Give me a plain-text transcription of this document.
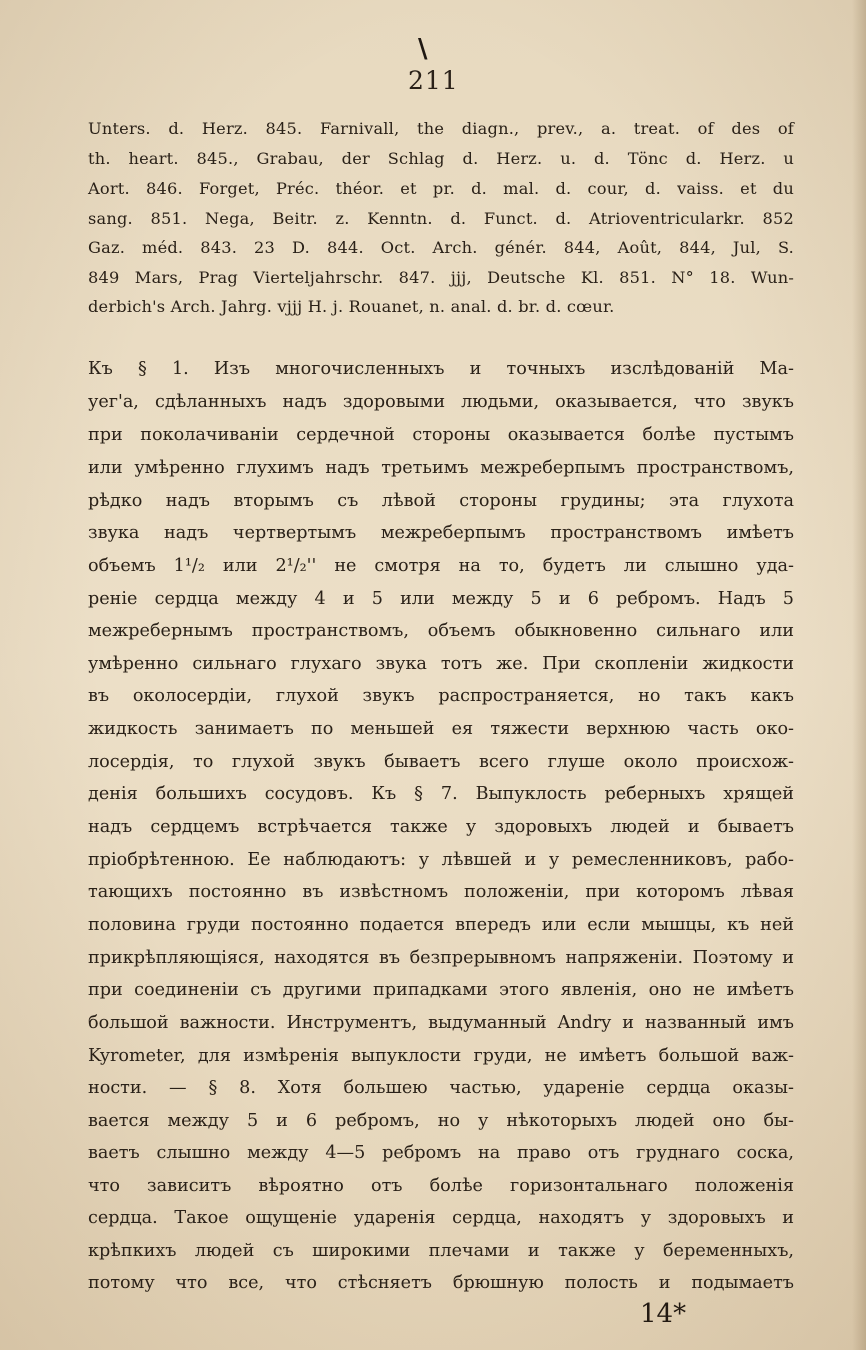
\
211
Unters. d. Herz. 845. Farnivall, the diagn., prev., a. treat. of des of
th. heart. 845., Grabau, der Schlag d. Herz. u. d. Tönc d. Herz. u
Aort. 846. Forget, Préc. théor. et pr. d. mal. d. cour, d. vaiss. et du
sang. 851. Nega, Beitr. z. Kenntn. d. Funct. d. Atrioventricularkr. 852
Gaz. méd. 843. 23 D. 844. Oct. Arch. génér. 844, Août, 844, Jul, S.
849 Mars, Prag Vierteljahrschr. 847. jjj, Deutsche Kl. 851. N° 18. Wun-
derbich's Arch. Jahrg. vjjj H. j. Rouanet, n. anal. d. br. d. cœur.
Къ § 1. Изъ многочисленныхъ и точныхъ изслѣдованій Ма-
уег'а, сдѣланныхъ надъ здоровыми людьми, оказывается, что звукъ
при поколачиваніи сердечной стороны оказывается болѣе пустымъ
или умѣренно глухимъ надъ третьимъ межреберпымъ пространствомъ,
рѣдко надъ вторымъ съ лѣвой стороны грудины; эта глухота
звука надъ чертвертымъ межреберпымъ пространствомъ имѣетъ
объемъ 1¹/₂ или 2¹/₂'' не смотря на то, будетъ ли слышно уда-
реніе сердца между 4 и 5 или между 5 и 6 ребромъ. Надъ 5
межребернымъ пространствомъ, объемъ обыкновенно сильнаго или
умѣренно сильнаго глухаго звука тотъ же. При скопленіи жидкости
въ околосердіи, глухой звукъ распространяется, но такъ какъ
жидкость занимаетъ по меньшей ея тяжести верхнюю часть око-
лосердія, то глухой звукъ бываетъ всего глуше около происхож-
денія большихъ сосудовъ. Къ § 7. Выпуклость реберныхъ хрящей
надъ сердцемъ встрѣчается также у здоровыхъ людей и бываетъ
пріобрѣтенною. Ее наблюдаютъ: у лѣвшей и у ремесленниковъ, рабо-
тающихъ постоянно въ извѣстномъ положеніи, при которомъ лѣвая
половина груди постоянно подается впередъ или если мышцы, къ ней
прикрѣпляющіяся, находятся въ безпрерывномъ напряженіи. Поэтому и
при соединеніи съ другими припадками этого явленія, оно не имѣетъ
большой важности. Инструментъ, выдуманный Andry и названный имъ
Kyrometer, для измѣренія выпуклости груди, не имѣетъ большой важ-
ности. — § 8. Хотя большею частью, удареніе сердца оказы-
вается между 5 и 6 ребромъ, но у нѣкоторыхъ людей оно бы-
ваетъ слышно между 4—5 ребромъ на право отъ груднаго соска,
что зависитъ вѣроятно отъ болѣе горизонтальнаго положенія
сердца. Такое ощущеніе ударенія сердца, находятъ у здоровыхъ и
крѣпкихъ людей съ широкими плечами и также у беременныхъ,
потому что все, что стѣсняетъ брюшную полость и подымаетъ
14*
